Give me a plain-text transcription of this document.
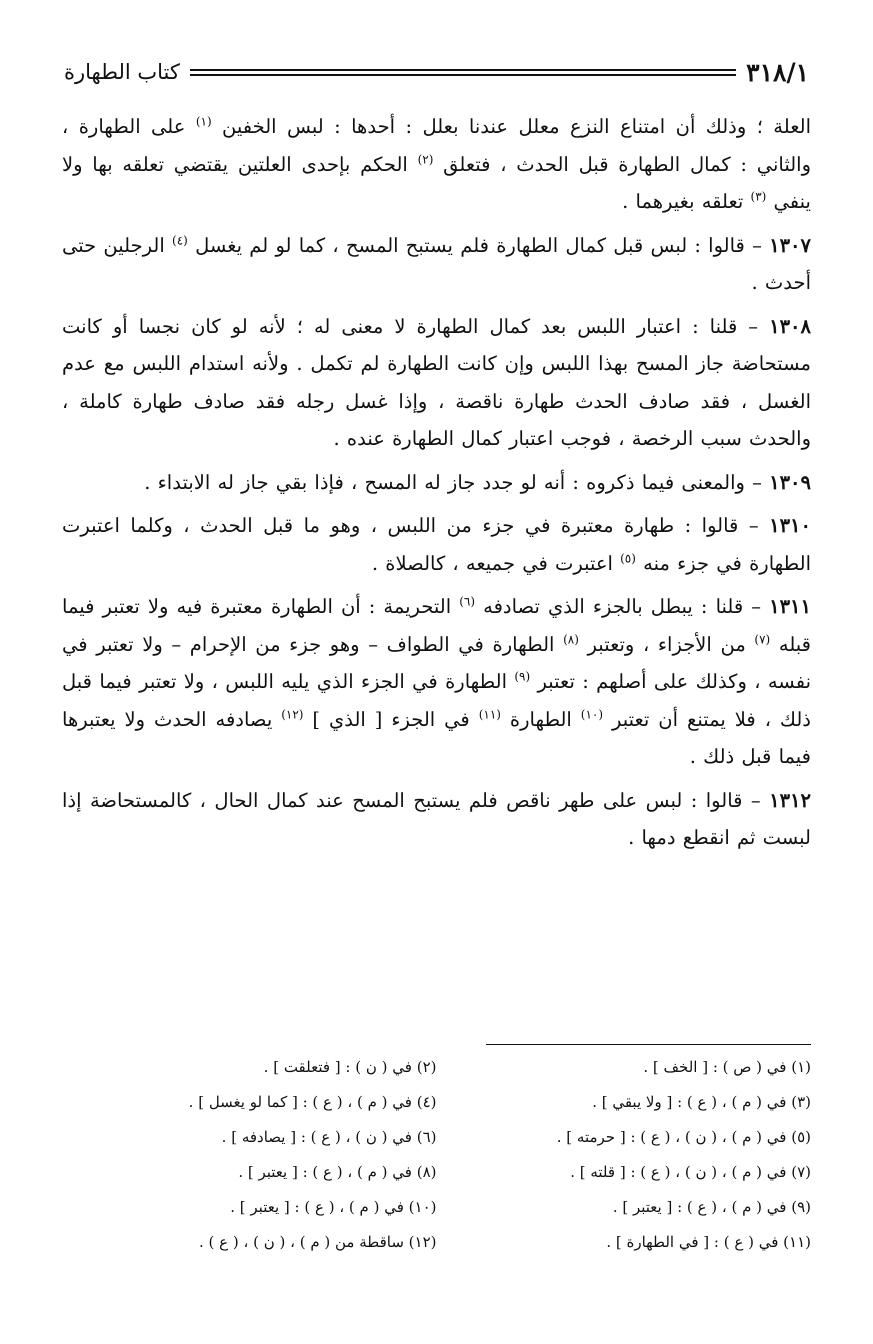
٣١٨/١
كتاب الطهارة

العلة ؛ وذلك أن امتناع النزع معلل عندنا بعلل : أحدها : لبس الخفين $^{(١)}$ على الطهارة ، والثاني : كمال الطهارة قبل الحدث ، فتعلق $^{(٢)}$ الحكم بإحدى العلتين يقتضي تعلقه بها ولا ينفي $^{(٣)}$ تعلقه بغيرهما .

١٣٠٧ – قالوا : لبس قبل كمال الطهارة فلم يستبح المسح ، كما لو لم يغسل $^{(٤)}$ الرجلين حتى أحدث .

١٣٠٨ – قلنا : اعتبار اللبس بعد كمال الطهارة لا معنى له ؛ لأنه لو كان نجسا أو كانت مستحاضة جاز المسح بهذا اللبس وإن كانت الطهارة لم تكمل . ولأنه استدام اللبس مع عدم الغسل ، فقد صادف الحدث طهارة ناقصة ، وإذا غسل رجله فقد صادف طهارة كاملة ، والحدث سبب الرخصة ، فوجب اعتبار كمال الطهارة عنده .

١٣٠٩ – والمعنى فيما ذكروه : أنه لو جدد جاز له المسح ، فإذا بقي جاز له الابتداء .

١٣١٠ – قالوا : طهارة معتبرة في جزء من اللبس ، وهو ما قبل الحدث ، وكلما اعتبرت الطهارة في جزء منه $^{(٥)}$ اعتبرت في جميعه ، كالصلاة .

١٣١١ – قلنا : يبطل بالجزء الذي تصادفه $^{(٦)}$ التحريمة : أن الطهارة معتبرة فيه ولا تعتبر فيما قبله $^{(٧)}$ من الأجزاء ، وتعتبر $^{(٨)}$ الطهارة في الطواف – وهو جزء من الإحرام – ولا تعتبر في نفسه ، وكذلك على أصلهم : تعتبر $^{(٩)}$ الطهارة في الجزء الذي يليه اللبس ، ولا تعتبر فيما قبل ذلك ، فلا يمتنع أن تعتبر $^{(١٠)}$ الطهارة $^{(١١)}$ في الجزء [ الذي ] $^{(١٢)}$ يصادفه الحدث ولا يعتبرها فيما قبل ذلك .

١٣١٢ – قالوا : لبس على طهر ناقص فلم يستبح المسح عند كمال الحال ، كالمستحاضة إذا لبست ثم انقطع دمها .

(١) في ( ص ) : [ الخف ] .
(٢) في ( ن ) : [ فتعلقت ] .
(٣) في ( م ) ، ( ع ) : [ ولا يبقي ] .
(٤) في ( م ) ، ( ع ) : [ كما لو يغسل ] .
(٥) في ( م ) ، ( ن ) ، ( ع ) : [ حرمته ] .
(٦) في ( ن ) ، ( ع ) : [ يصادفه ] .
(٧) في ( م ) ، ( ن ) ، ( ع ) : [ قلته ] .
(٨) في ( م ) ، ( ع ) : [ يعتبر ] .
(٩) في ( م ) ، ( ع ) : [ يعتبر ] .
(١٠) في ( م ) ، ( ع ) : [ يعتبر ] .
(١١) في ( ع ) : [ في الطهارة ] .
(١٢) ساقطة من ( م ) ، ( ن ) ، ( ع ) .
